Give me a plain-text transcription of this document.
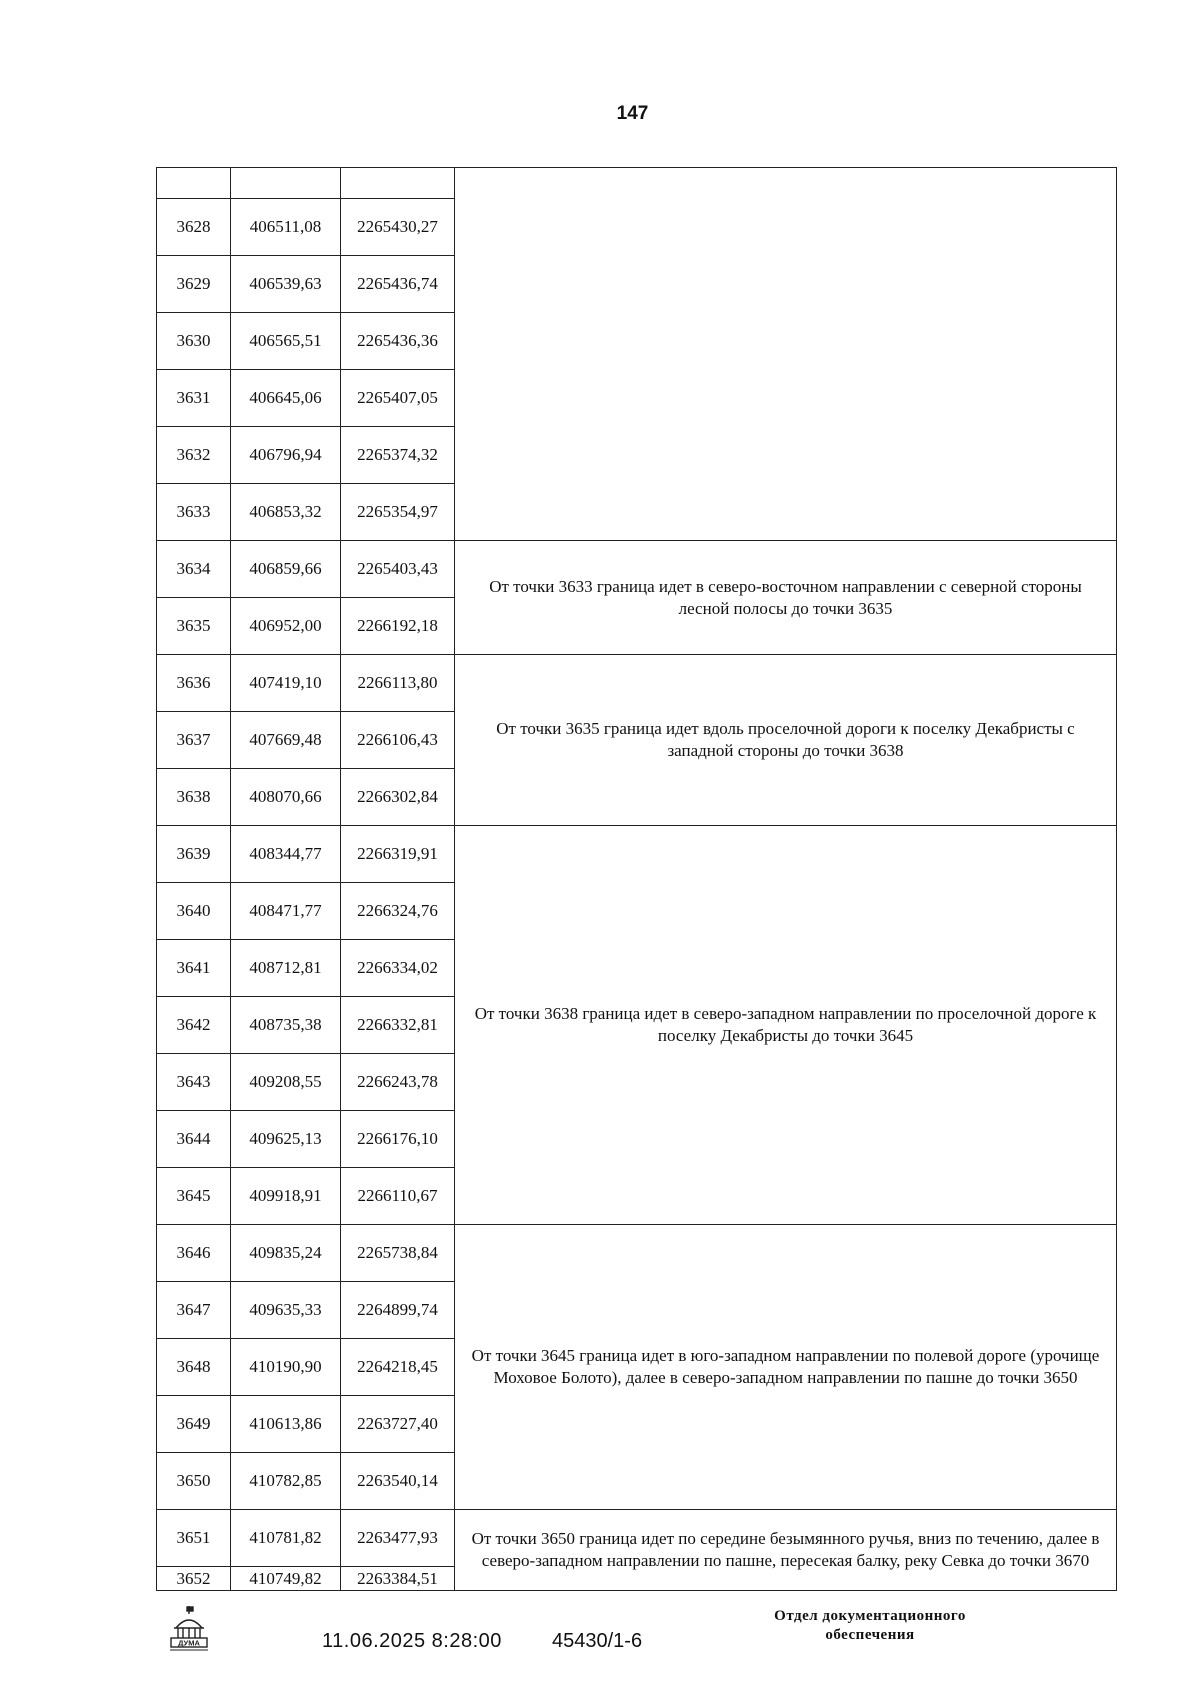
147

3628	406511,08	2265430,27	
3629	406539,63	2265436,74	
3630	406565,51	2265436,36	
3631	406645,06	2265407,05	
3632	406796,94	2265374,32	
3633	406853,32	2265354,97	
3634	406859,66	2265403,43	От точки 3633 граница идет в северо-восточном направлении с северной стороны лесной полосы до точки 3635
3635	406952,00	2266192,18	
3636	407419,10	2266113,80	От точки 3635 граница идет вдоль проселочной дороги к поселку Декабристы с западной стороны до точки 3638
3637	407669,48	2266106,43	
3638	408070,66	2266302,84	
3639	408344,77	2266319,91	От точки 3638 граница идет в северо-западном направлении по проселочной дороге к поселку Декабристы до точки 3645
3640	408471,77	2266324,76	
3641	408712,81	2266334,02	
3642	408735,38	2266332,81	
3643	409208,55	2266243,78	
3644	409625,13	2266176,10	
3645	409918,91	2266110,67	
3646	409835,24	2265738,84	От точки 3645 граница идет в юго-западном направлении по полевой дороге (урочище Моховое Болото), далее в северо-западном направлении по пашне до точки 3650
3647	409635,33	2264899,74	
3648	410190,90	2264218,45	
3649	410613,86	2263727,40	
3650	410782,85	2263540,14	
3651	410781,82	2263477,93	От точки 3650 граница идет по середине безымянного ручья, вниз по течению, далее в северо-западном направлении по пашне, пересекая балку, реку Севка до точки 3670
3652	410749,82	2263384,51	
ДУМА	11.06.2025 8:28:00	45430/1-6
Отдел документационного
обеспечения
